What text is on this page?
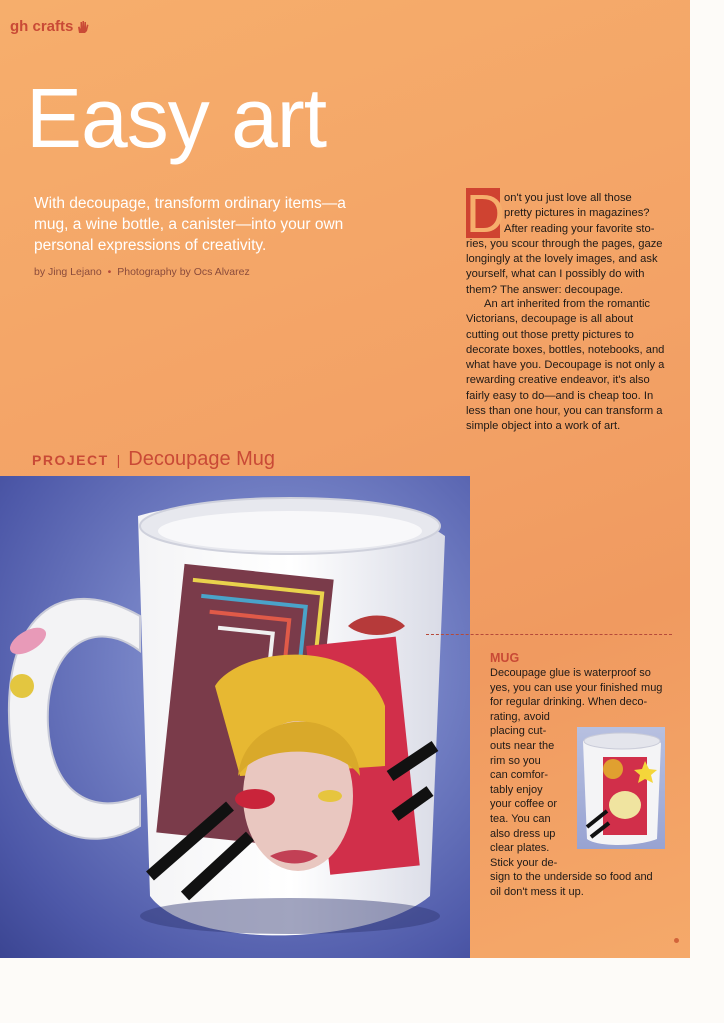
gh crafts
Easy art
With decoupage, transform ordinary items—a mug, a wine bottle, a canister—into your own personal expressions of creativity.
by Jing Lejano • Photography by Ocs Alvarez
D on't you just love all those
pretty pictures in magazines?
After reading your favorite sto-
ries, you scour through the pages, gaze
longingly at the lovely images, and ask
yourself, what can I possibly do with
them? The answer: decoupage.
An art inherited from the romantic Victorians, decoupage is all about cutting out those pretty pictures to decorate boxes, bottles, notebooks, and what have you. Decoupage is not only a rewarding creative endeavor, it's also fairly easy to do—and is cheap too. In less than one hour, you can transform a simple object into a work of art.
PROJECT | Decoupage Mug
MUG
Decoupage glue is waterproof so
yes, you can use your finished mug
for regular drinking. When deco-
rating, avoid
placing cut-
outs near the
rim so you
can comfor-
tably enjoy
your coffee or
tea. You can
also dress up
clear plates.
Stick your de-
sign to the underside so food and
oil don't mess it up.
